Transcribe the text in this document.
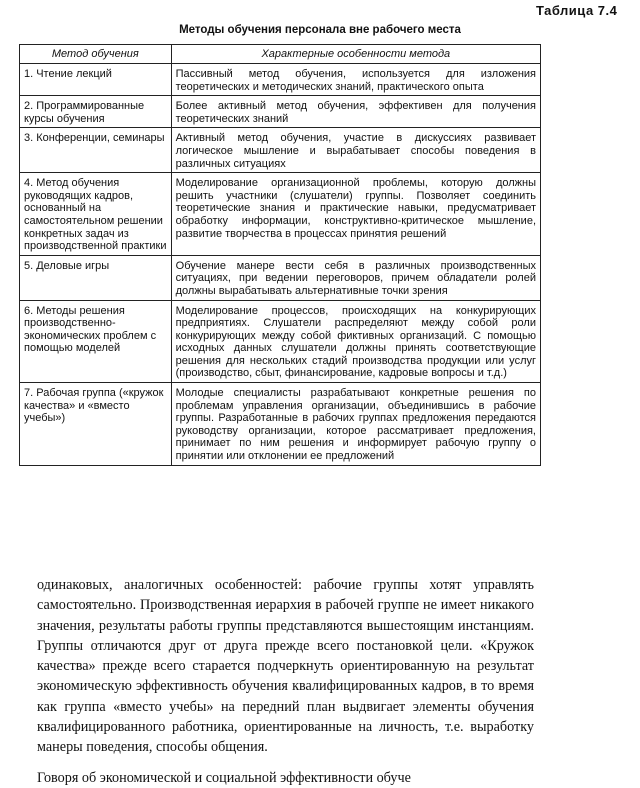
Таблица 7.4
Методы обучения персонала вне рабочего места
Метод обучения	Характерные особенности метода
1. Чтение лекций	Пассивный метод обучения, используется для изложения теоретических и методических знаний, практического опыта
2. Программированные курсы обучения	Более активный метод обучения, эффективен для получения теоретических знаний
3. Конференции, семинары	Активный метод обучения, участие в дискуссиях развивает логическое мышление и вырабатывает способы поведения в различных ситуациях
4. Метод обучения руководящих кадров, основанный на самостоятельном решении конкретных задач из производственной практики	Моделирование организационной проблемы, которую должны решить участники (слушатели) группы. Позволяет соединить теоретические знания и практические навыки, предусматривает обработку информации, конструктивно-критическое мышление, развитие творчества в процессах принятия решений
5. Деловые игры	Обучение манере вести себя в различных производственных ситуациях, при ведении переговоров, причем обладатели ролей должны вырабатывать альтернативные точки зрения
6. Методы решения производственно-экономических проблем с помощью моделей	Моделирование процессов, происходящих на конкурирующих предприятиях. Слушатели распределяют между собой роли конкурирующих между собой фиктивных организаций. С помощью исходных данных слушатели должны принять соответствующие решения для нескольких стадий производства продукции или услуг (производство, сбыт, финансирование, кадровые вопросы и т.д.)
7. Рабочая группа («кружок качества» и «вместо учебы»)	Молодые специалисты разрабатывают конкретные решения по проблемам управления организации, объединившись в рабочие группы. Разработанные в рабочих группах предложения передаются руководству организации, которое рассматривает предложения, принимает по ним решения и информирует рабочую группу о принятии или отклонении ее предложений

одинаковых, аналогичных особенностей: рабочие группы хотят управлять самостоятельно. Производственная иерархия в рабочей группе не имеет никакого значения, результаты работы группы представляются вышестоящим инстанциям. Группы отличаются друг от друга прежде всего постановкой цели. «Кружок качества» прежде всего старается подчеркнуть ориентированную на результат экономическую эффективность обучения квалифицированных кадров, в то время как группа «вместо учебы» на передний план выдвигает элементы обучения квалифицированного работника, ориентированные на личность, т.е. выработку манеры поведения, способы общения.

Говоря об экономической и социальной эффективности обуче
